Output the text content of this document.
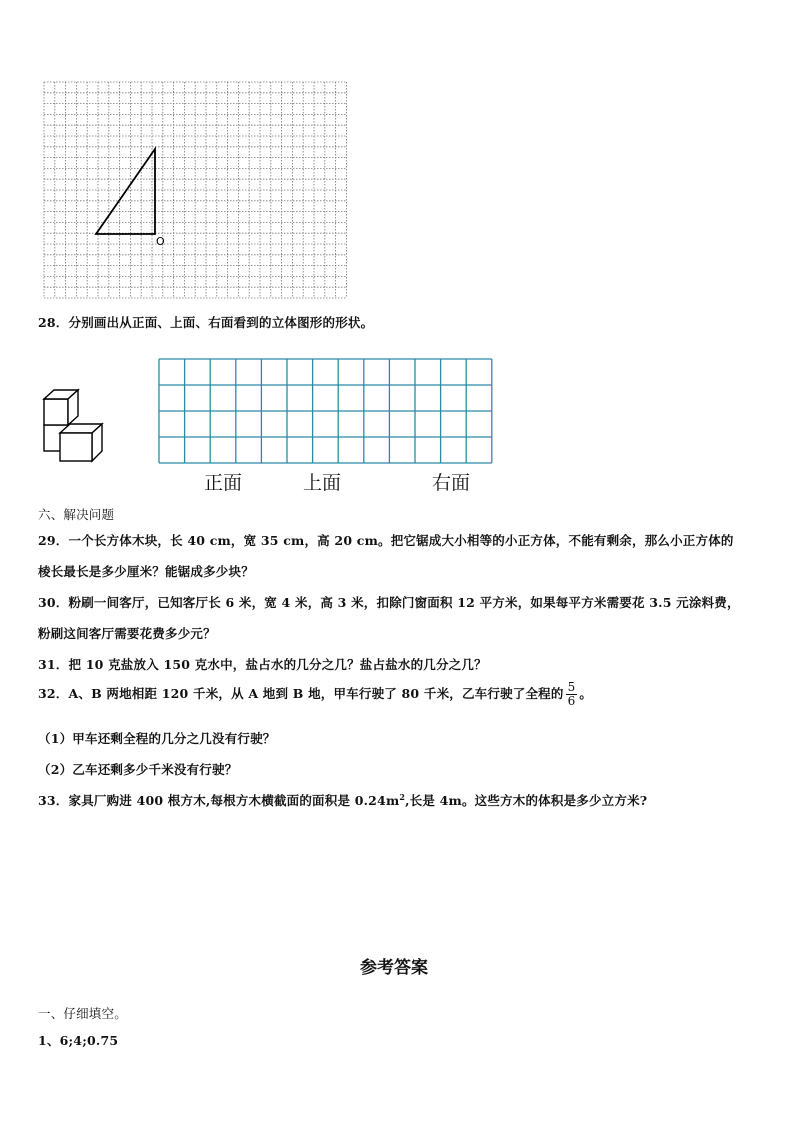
O
28．分别画出从正面、上面、右面看到的立体图形的形状。
正面	上面	右面
六、解决问题
29．一个长方体木块，长 40 cm，宽 35 cm，高 20 cm。把它锯成大小相等的小正方体，不能有剩余，那么小正方体的
棱长最长是多少厘米？能锯成多少块？
30．粉刷一间客厅，已知客厅长 6 米，宽 4 米，高 3 米，扣除门窗面积 12 平方米，如果每平方米需要花 3.5 元涂料费，
粉刷这间客厅需要花费多少元？
31．把 10 克盐放入 150 克水中，盐占水的几分之几？盐占盐水的几分之几？
32．A、B 两地相距 120 千米，从 A 地到 B 地，甲车行驶了 80 千米，乙车行驶了全程的 $\frac{5}{6}$ 。
（1）甲车还剩全程的几分之几没有行驶？
（2）乙车还剩多少千米没有行驶？
33．家具厂购进 400 根方木,每根方木横截面的面积是 $0.24m^2$,长是 4m。这些方木的体积是多少立方米?
参考答案
一、仔细填空。
1、6;4;0.75
